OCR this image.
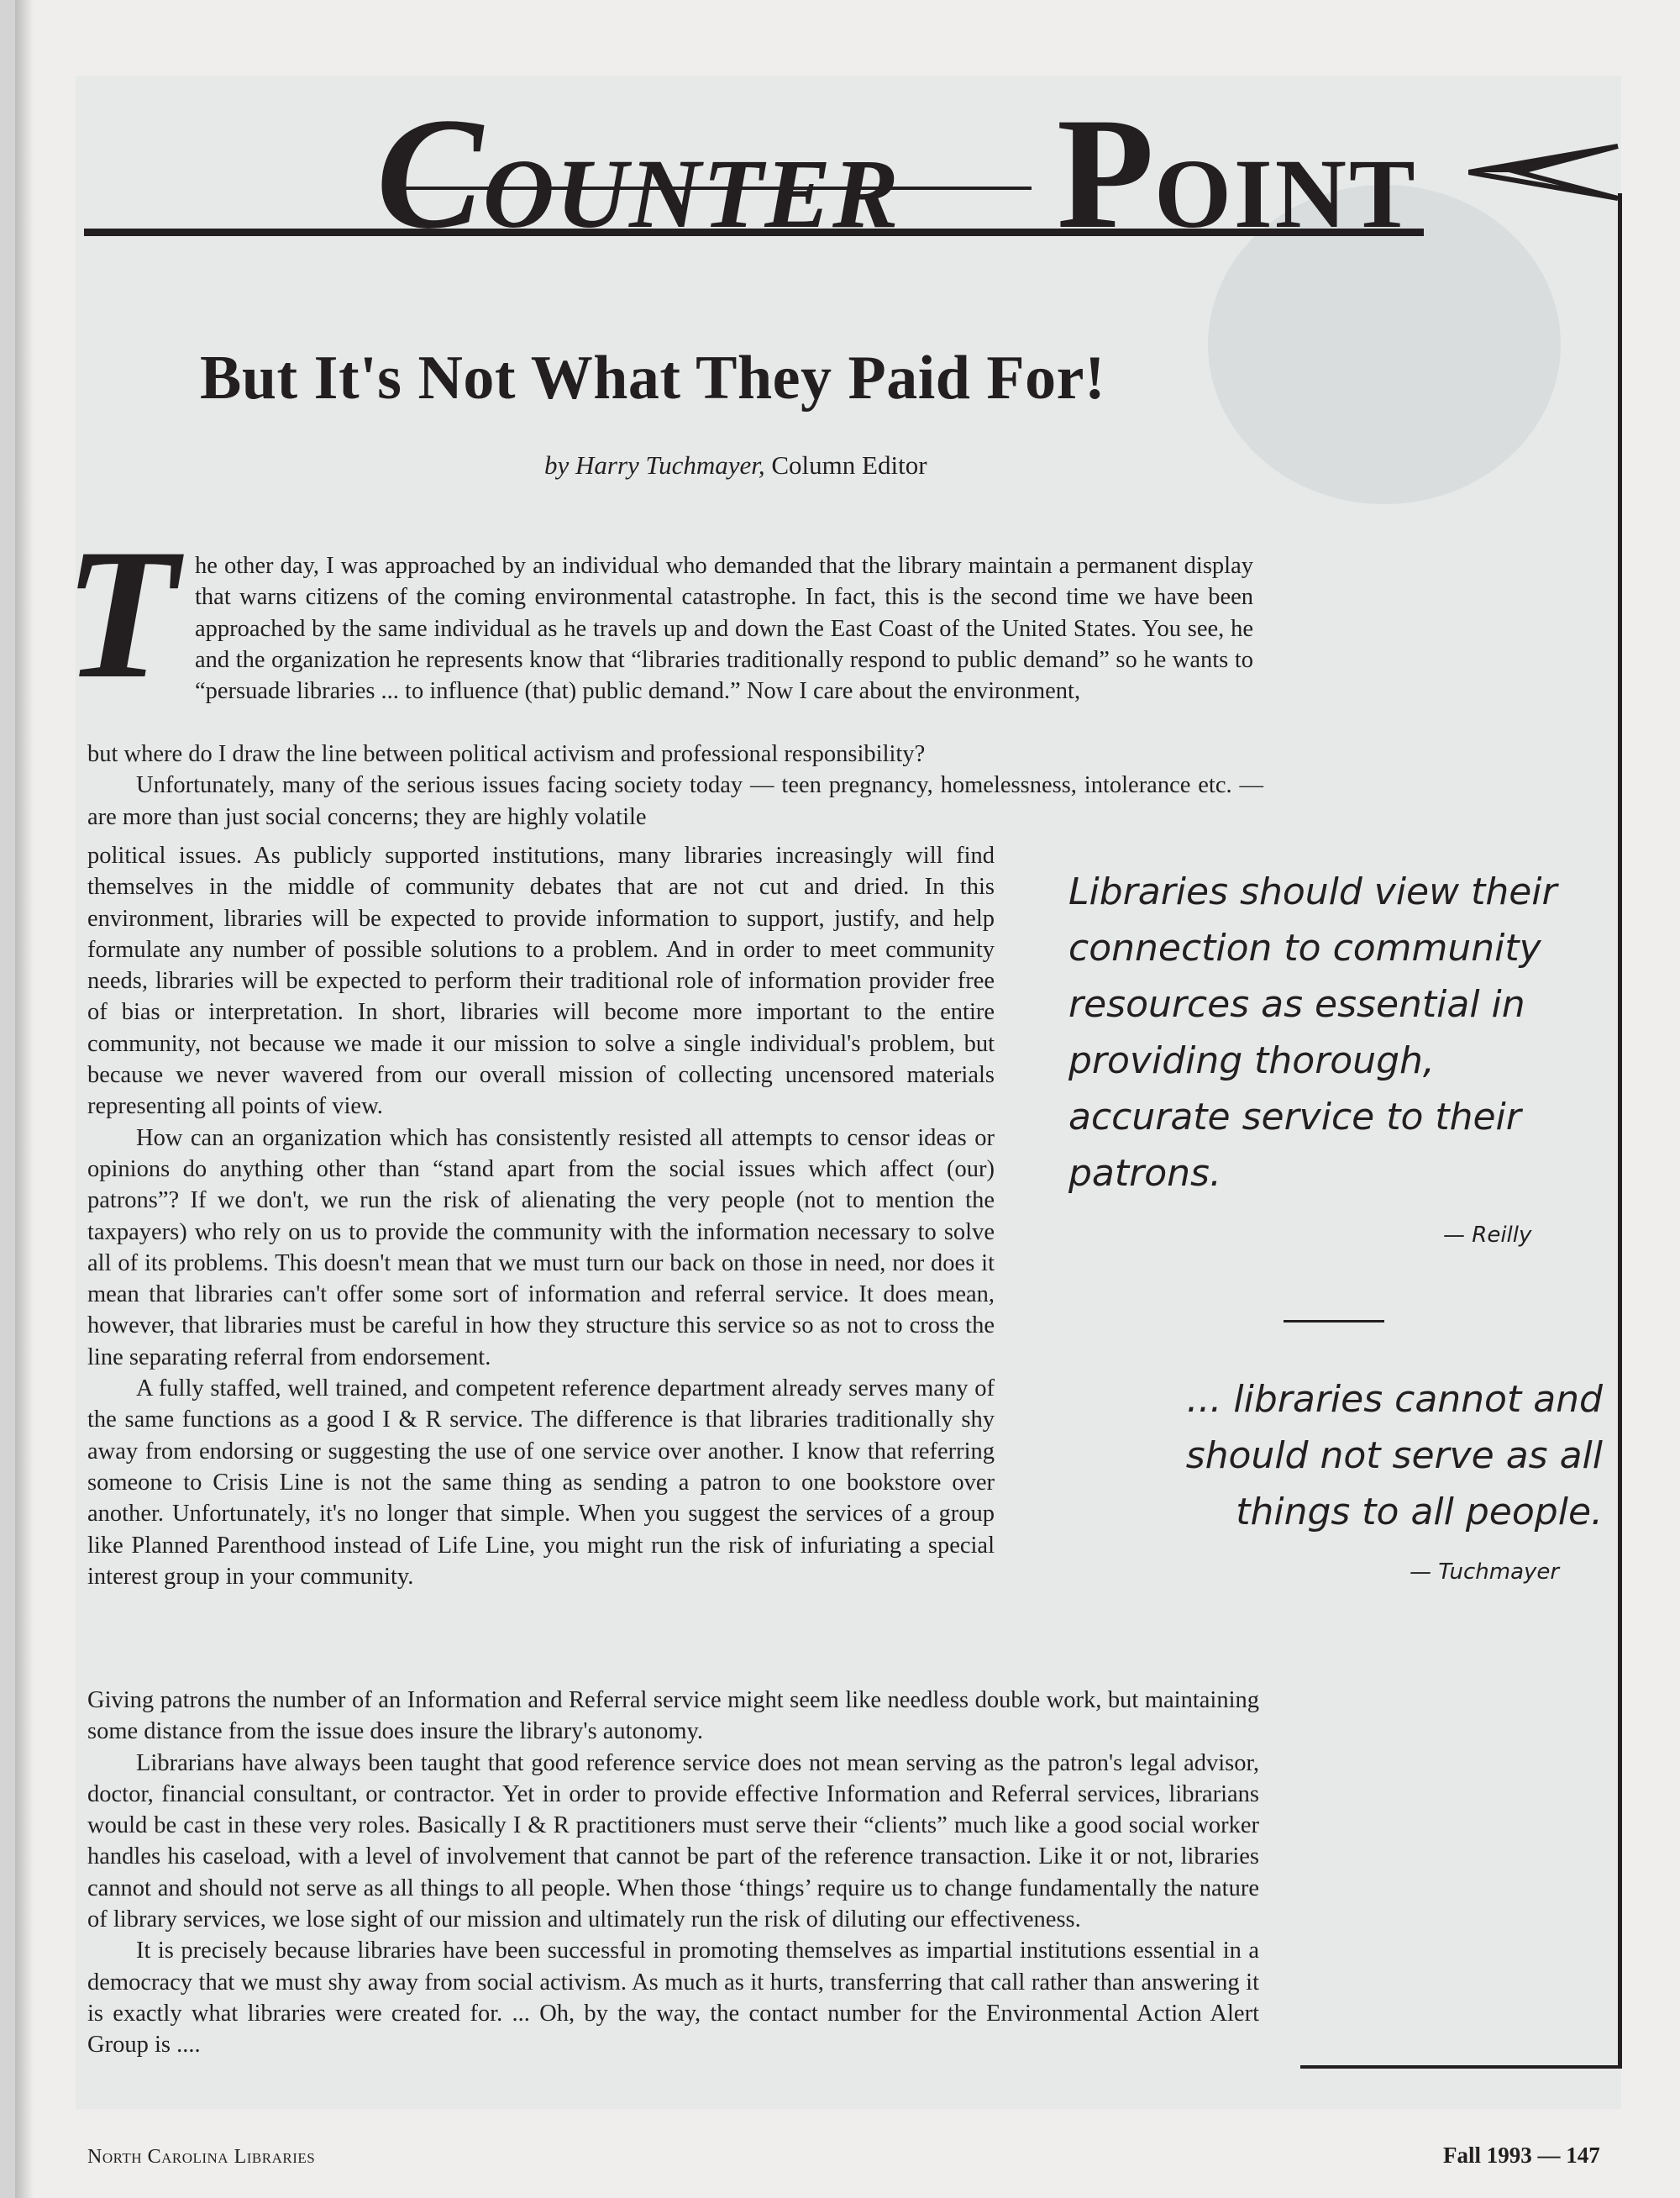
COUNTER POINT
But It's Not What They Paid For!
by Harry Tuchmayer, Column Editor
T he other day, I was approached by an individual who demanded that the library maintain a permanent display that warns citizens of the coming environmental catastrophe. In fact, this is the second time we have been approached by the same individual as he travels up and down the East Coast of the United States. You see, he and the organization he represents know that “libraries traditionally respond to public demand” so he wants to “persuade libraries ... to influence (that) public demand.” Now I care about the environment,

but where do I draw the line between political activism and professional responsibility?

Unfortunately, many of the serious issues facing society today — teen pregnancy, homelessness, intolerance etc. — are more than just social concerns; they are highly volatile

political issues. As publicly supported institutions, many libraries increasingly will find themselves in the middle of community debates that are not cut and dried. In this environment, libraries will be expected to provide information to support, justify, and help formulate any number of possible solutions to a problem. And in order to meet community needs, libraries will be expected to perform their traditional role of information provider free of bias or interpretation. In short, libraries will become more important to the entire community, not because we made it our mission to solve a single individual's problem, but because we never wavered from our overall mission of collecting uncensored materials representing all points of view.

How can an organization which has consistently resisted all attempts to censor ideas or opinions do anything other than “stand apart from the social issues which affect (our) patrons”? If we don't, we run the risk of alienating the very people (not to mention the taxpayers) who rely on us to provide the community with the information necessary to solve all of its problems. This doesn't mean that we must turn our back on those in need, nor does it mean that libraries can't offer some sort of information and referral service. It does mean, however, that libraries must be careful in how they structure this service so as not to cross the line separating referral from endorsement.

A fully staffed, well trained, and competent reference department already serves many of the same functions as a good I & R service. The difference is that libraries traditionally shy away from endorsing or suggesting the use of one service over another. I know that referring someone to Crisis Line is not the same thing as sending a patron to one bookstore over another. Unfortunately, it's no longer that simple. When you suggest the services of a group like Planned Parenthood instead of Life Line, you might run the risk of infuriating a special interest group in your community.

Giving patrons the number of an Information and Referral service might seem like needless double work, but maintaining some distance from the issue does insure the library's autonomy.

Librarians have always been taught that good reference service does not mean serving as the patron's legal advisor, doctor, financial consultant, or contractor. Yet in order to provide effective Information and Referral services, librarians would be cast in these very roles. Basically I & R practitioners must serve their “clients” much like a good social worker handles his caseload, with a level of involvement that cannot be part of the reference transaction. Like it or not, libraries cannot and should not serve as all things to all people. When those ‘things’ require us to change fundamentally the nature of library services, we lose sight of our mission and ultimately run the risk of diluting our effectiveness.

It is precisely because libraries have been successful in promoting themselves as impartial institutions essential in a democracy that we must shy away from social activism. As much as it hurts, transferring that call rather than answering it is exactly what libraries were created for. ... Oh, by the way, the contact number for the Environmental Action Alert Group is ....

Libraries should view their connection to community resources as essential in providing thorough, accurate service to their patrons.
— Reilly
... libraries cannot and should not serve as all things to all people.
— Tuchmayer
North Carolina Libraries	Fall 1993 — 147
